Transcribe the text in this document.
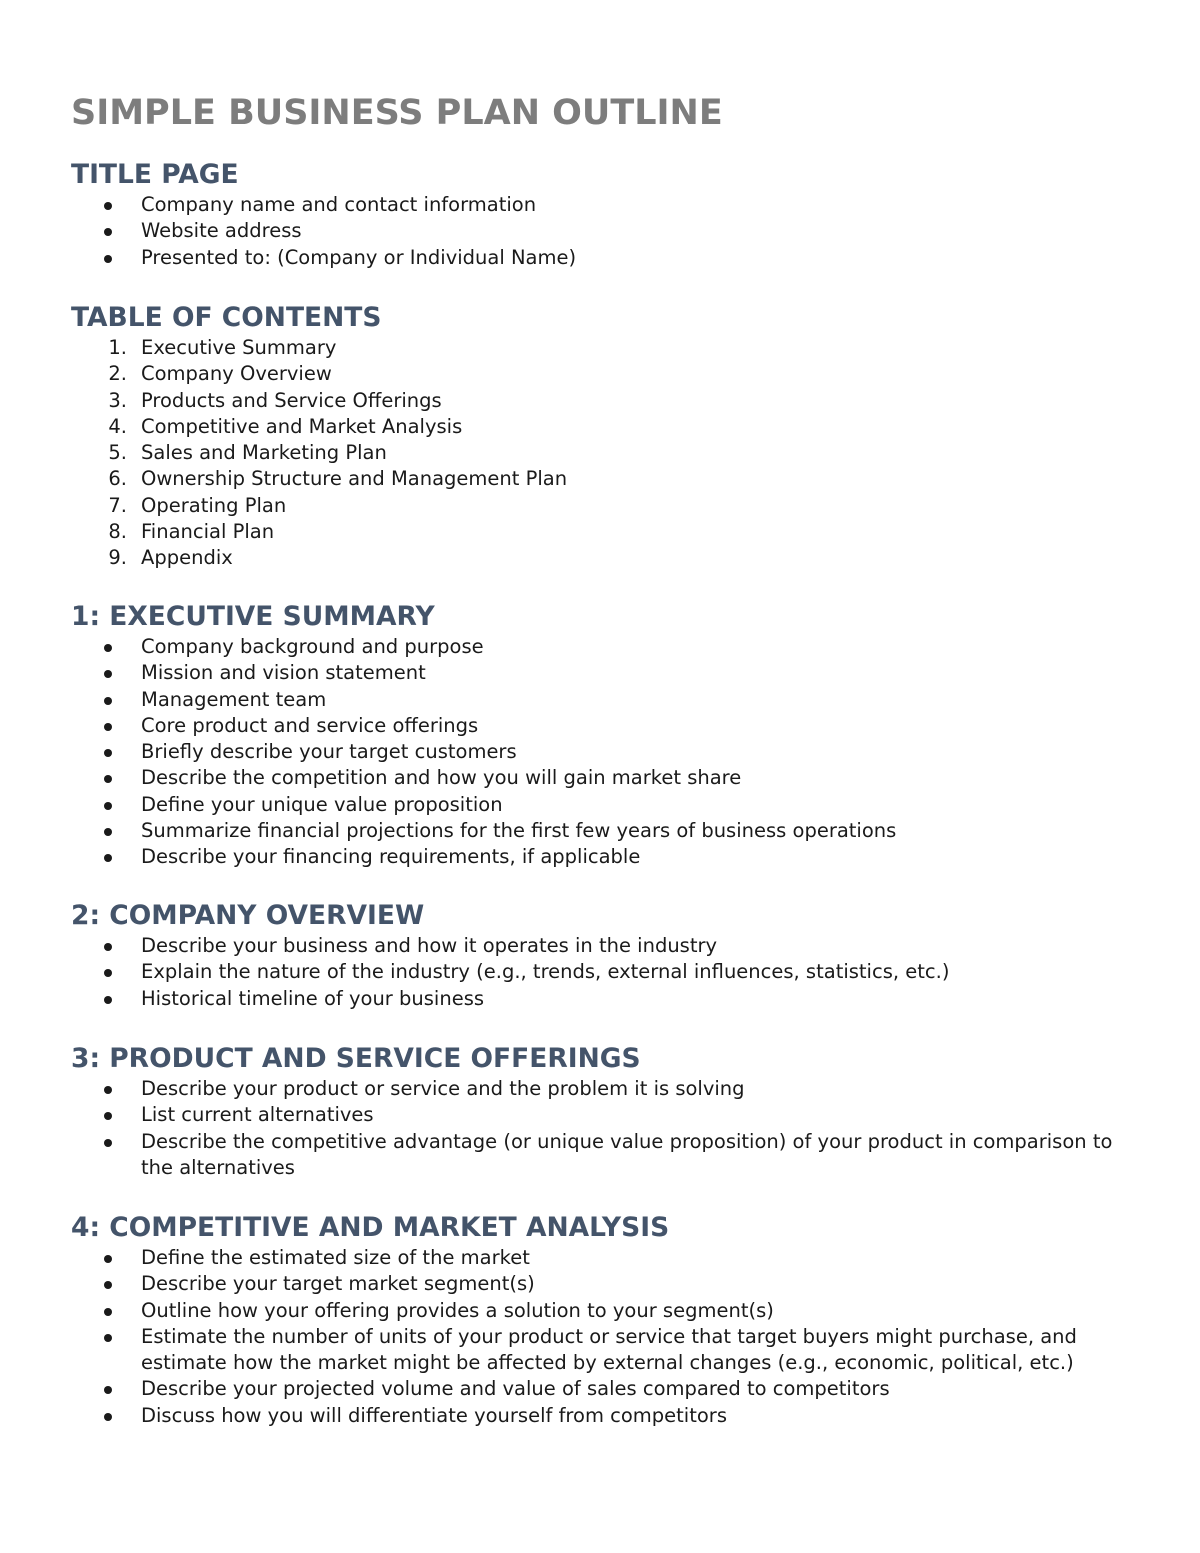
SIMPLE BUSINESS PLAN OUTLINE
TITLE PAGE
Company name and contact information
Website address
Presented to: (Company or Individual Name)
TABLE OF CONTENTS
1. Executive Summary
2. Company Overview
3. Products and Service Offerings
4. Competitive and Market Analysis
5. Sales and Marketing Plan
6. Ownership Structure and Management Plan
7. Operating Plan
8. Financial Plan
9. Appendix
1: EXECUTIVE SUMMARY
Company background and purpose
Mission and vision statement
Management team
Core product and service offerings
Briefly describe your target customers
Describe the competition and how you will gain market share
Define your unique value proposition
Summarize financial projections for the first few years of business operations
Describe your financing requirements, if applicable
2: COMPANY OVERVIEW
Describe your business and how it operates in the industry
Explain the nature of the industry (e.g., trends, external influences, statistics, etc.)
Historical timeline of your business
3: PRODUCT AND SERVICE OFFERINGS
Describe your product or service and the problem it is solving
List current alternatives
Describe the competitive advantage (or unique value proposition) of your product in comparison to the alternatives
4: COMPETITIVE AND MARKET ANALYSIS
Define the estimated size of the market
Describe your target market segment(s)
Outline how your offering provides a solution to your segment(s)
Estimate the number of units of your product or service that target buyers might purchase, and estimate how the market might be affected by external changes (e.g., economic, political, etc.)
Describe your projected volume and value of sales compared to competitors
Discuss how you will differentiate yourself from competitors
